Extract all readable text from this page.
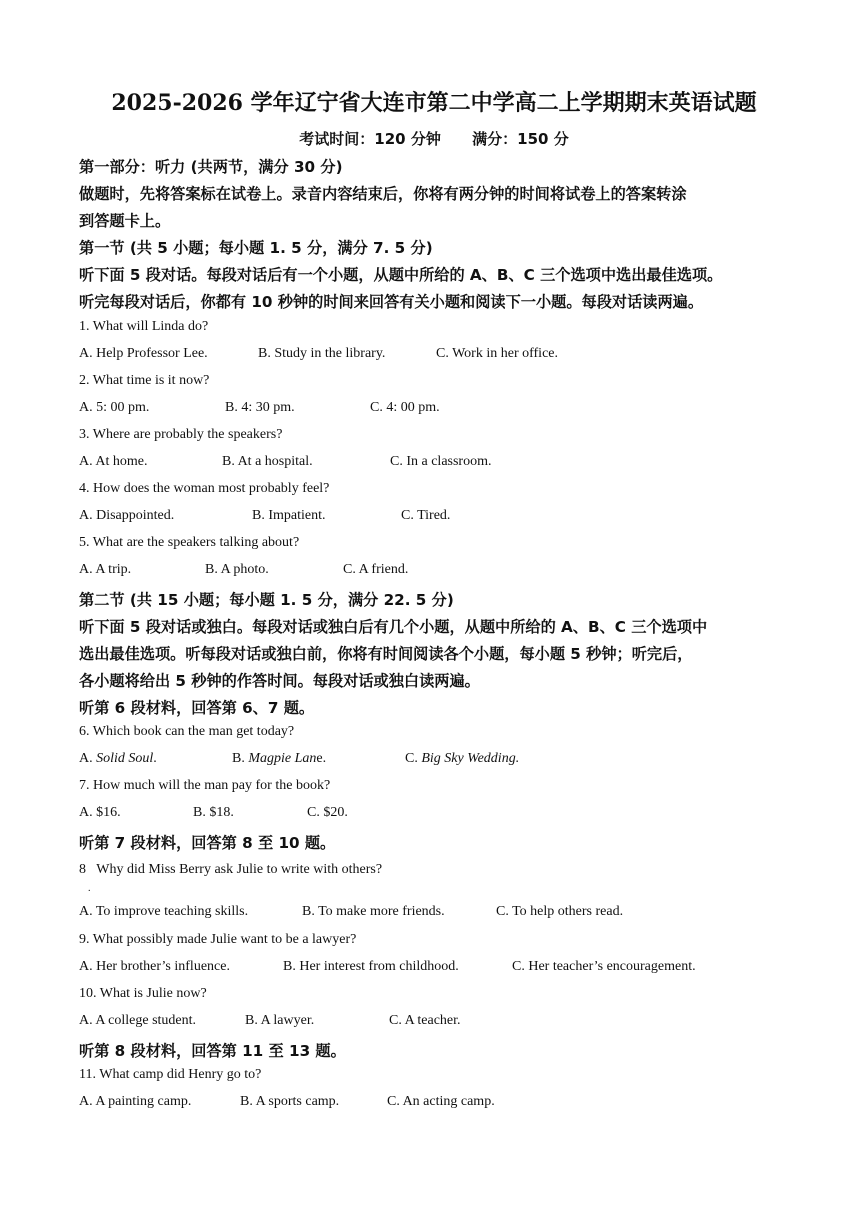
2025-2026 学年辽宁省大连市第二中学高二上学期期末英语试题
考试时间：120 分钟      满分：150 分
第一部分：听力 (共两节，满分 30 分)
做题时，先将答案标在试卷上。录音内容结束后，你将有两分钟的时间将试卷上的答案转涂
到答题卡上。
第一节 (共 5 小题；每小题 1. 5 分，满分 7. 5 分)
听下面 5 段对话。每段对话后有一个小题，从题中所给的 A、B、C 三个选项中选出最佳选项。
听完每段对话后，你都有 10 秒钟的时间来回答有关小题和阅读下一小题。每段对话读两遍。
1. What will Linda do?
A. Help Professor Lee.	B. Study in the library.	C. Work in her office.
2. What time is it now?
A. 5: 00 pm.	B. 4: 30 pm.	C. 4: 00 pm.
3. Where are probably the speakers?
A. At home.	B. At a hospital.	C. In a classroom.
4. How does the woman most probably feel?
A. Disappointed.	B. Impatient.	C. Tired.
5. What are the speakers talking about?
A. A trip.	B. A photo.	C. A friend.
第二节 (共 15 小题；每小题 1. 5 分，满分 22. 5 分)
听下面 5 段对话或独白。每段对话或独白后有几个小题，从题中所给的 A、B、C 三个选项中
选出最佳选项。听每段对话或独白前，你将有时间阅读各个小题，每小题 5 秒钟；听完后，
各小题将给出 5 秒钟的作答时间。每段对话或独白读两遍。
听第 6 段材料，回答第 6、7 题。
6. Which book can the man get today?
A. Solid Soul.	B. Magpie Lane.	C. Big Sky Wedding.
7. How much will the man pay for the book?
A. $16.	B. $18.	C. $20.
听第 7 段材料，回答第 8 至 10 题。
8   Why did Miss Berry ask Julie to write with others?
.
A. To improve teaching skills.	B. To make more friends.	C. To help others read.
9. What possibly made Julie want to be a lawyer?
A. Her brother’s influence.	B. Her interest from childhood.	C. Her teacher’s encouragement.
10. What is Julie now?
A. A college student.	B. A lawyer.	C. A teacher.
听第 8 段材料，回答第 11 至 13 题。
11. What camp did Henry go to?
A. A painting camp.	B. A sports camp.	C. An acting camp.
